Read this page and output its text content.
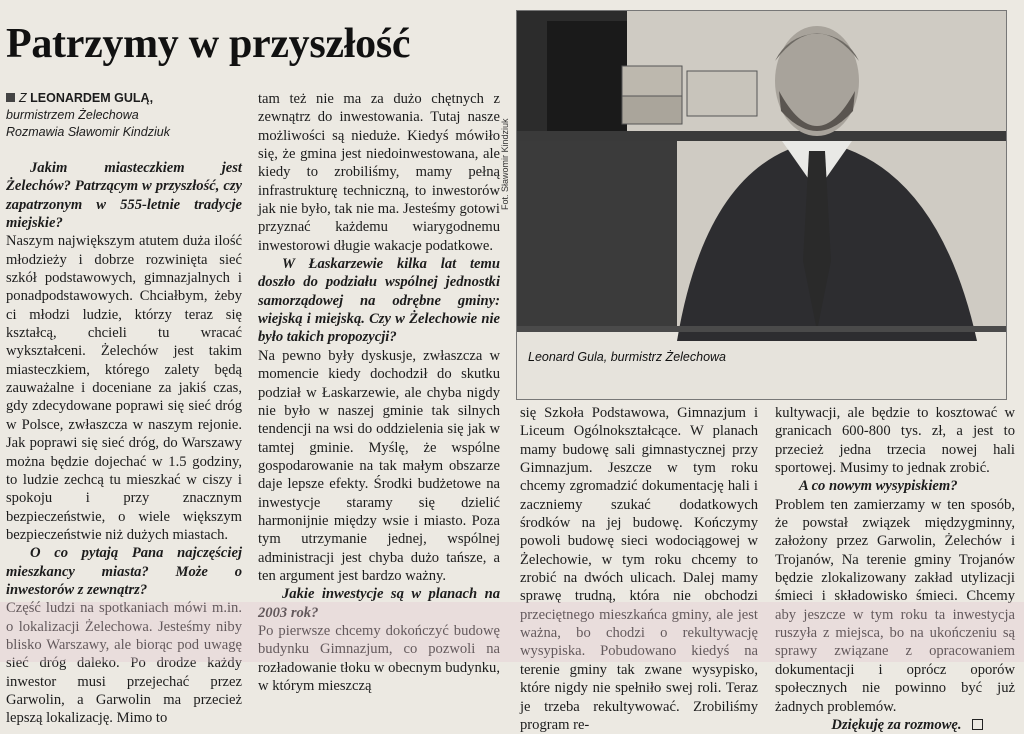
Patrzymy w przyszłość

Z LEONARDEM GULĄ,

burmistrzem Żelechowa

Rozmawia Sławomir Kindziuk

Jakim miasteczkiem jest Żelechów? Patrzącym w przyszłość, czy zapatrzonym w 555-letnie tradycje miejskie?

Naszym największym atutem duża ilość młodzieży i dobrze rozwinięta sieć szkół podstawowych, gimnazjalnych i ponadpodstawowych. Chciałbym, żeby ci młodzi ludzie, którzy teraz się kształcą, chcieli tu wracać wykształceni. Żelechów jest takim miasteczkiem, którego zalety będą zauważalne i doceniane za jakiś czas, gdy zdecydowane poprawi się sieć dróg w Polsce, zwłaszcza w naszym rejonie. Jak poprawi się sieć dróg, do Warszawy można będzie dojechać w 1.5 godziny, to ludzie zechcą tu mieszkać w ciszy i spokoju i przy znacznym bezpieczeństwie, o wiele większym bezpieczeństwie niż dużych miastach.

O co pytają Pana najczęściej mieszkancy miasta? Może o inwestorów z zewnątrz?

Część ludzi na spotkaniach mówi m.in. o lokalizacji Żelechowa. Jesteśmy niby blisko Warszawy, ale biorąc pod uwagę sieć dróg daleko. Po drodze każdy inwestor musi przejechać przez Garwolin, a Garwolin ma przecież lepszą lokalizację. Mimo to

tam też nie ma za dużo chętnych z zewnątrz do inwestowania. Tutaj nasze możliwości są nieduże. Kiedyś mówiło się, że gmina jest niedoinwestowana, ale kiedy to zrobiliśmy, mamy pełną infrastrukturę techniczną, to inwestorów jak nie było, tak nie ma. Jesteśmy gotowi przyznać każdemu wiarygodnemu inwestorowi długie wakacje podatkowe.

W Łaskarzewie kilka lat temu doszło do podziału wspólnej jednostki samorządowej na odrębne gminy: wiejską i miejską. Czy w Żelechowie nie było takich propozycji?

Na pewno były dyskusje, zwłaszcza w momencie kiedy dochodził do skutku podział w Łaskarzewie, ale chyba nigdy nie było w naszej gminie tak silnych tendencji na wsi do oddzielenia się jak w tamtej gminie. Myślę, że wspólne gospodarowanie na tak małym obszarze daje lepsze efekty. Środki budżetowe na inwestycje staramy się dzielić harmonijnie między wsie i miasto. Poza tym utrzymanie jednej, wspólnej administracji jest chyba dużo tańsze, a ten argument jest bardzo ważny.

Jakie inwestycje są w planach na 2003 rok?

Po pierwsze chcemy dokończyć budowę budynku Gimnazjum, co pozwoli na rozładowanie tłoku w obecnym budynku, w którym mieszczą

Fot. Sławomir Kindziuk
Leonard Gula, burmistrz Żelechowa

się Szkoła Podstawowa, Gimnazjum i Liceum Ogólnokształcące. W planach mamy budowę sali gimnastycznej przy Gimnazjum. Jeszcze w tym roku chcemy zgromadzić dokumentację hali i zaczniemy szukać dodatkowych środków na jej budowę. Kończymy powoli budowę sieci wodociągowej w Żelechowie, w tym roku chcemy to zrobić na dwóch ulicach. Dalej mamy sprawę trudną, która nie obchodzi przeciętnego mieszkańca gminy, ale jest ważna, bo chodzi o rekultywację wysypiska. Pobudowano kiedyś na terenie gminy tak zwane wysypisko, które nigdy nie spełniło swej roli. Teraz je trzeba rekultywować. Zrobiliśmy program re-

kultywacji, ale będzie to kosztować w granicach 600-800 tys. zł, a jest to przecież jedna trzecia nowej hali sportowej. Musimy to jednak zrobić.

A co nowym wysypiskiem?

Problem ten zamierzamy w ten sposób, że powstał związek międzygminny, założony przez Garwolin, Żelechów i Trojanów, Na terenie gminy Trojanów będzie zlokalizowany zakład utylizacji śmieci i składowisko śmieci. Chcemy aby jeszcze w tym roku ta inwestycja ruszyła z miejsca, bo na ukończeniu są sprawy związane z opracowaniem dokumentacji i oprócz oporów społecznych nie powinno być już żadnych problemów.

Dziękuję za rozmowę.
